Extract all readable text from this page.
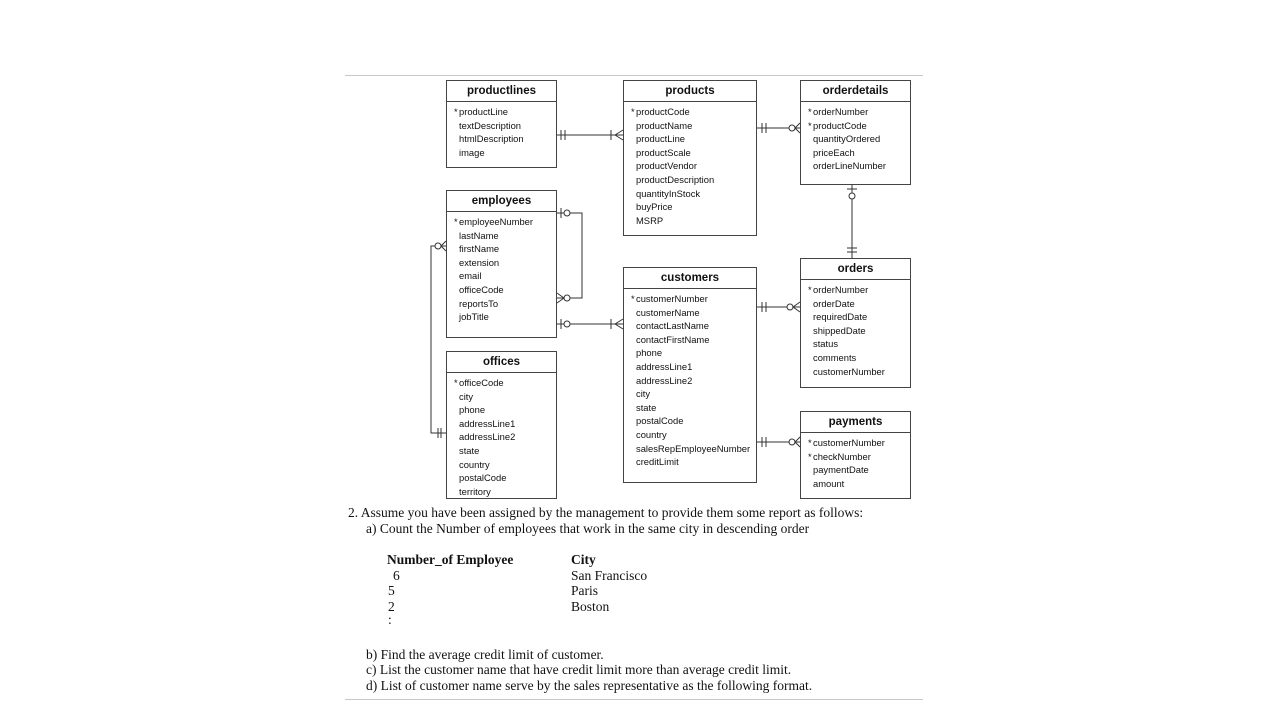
productlines
* productLine
textDescription
htmlDescription
image
products
* productCode
productName
productLine
productScale
productVendor
productDescription
quantityInStock
buyPrice
MSRP
orderdetails
* orderNumber
* productCode
quantityOrdered
priceEach
orderLineNumber
employees
* employeeNumber
lastName
firstName
extension
email
officeCode
reportsTo
jobTitle
customers
* customerNumber
customerName
contactLastName
contactFirstName
phone
addressLine1
addressLine2
city
state
postalCode
country
salesRepEmployeeNumber
creditLimit
orders
* orderNumber
orderDate
requiredDate
shippedDate
status
comments
customerNumber
offices
* officeCode
city
phone
addressLine1
addressLine2
state
country
postalCode
territory
payments
* customerNumber
* checkNumber
paymentDate
amount
2. Assume you have been assigned by the management to provide them some report as follows:
a) Count the Number of employees that work in the same city in descending order
Number_of Employee	City
6	San Francisco
5	Paris
2	Boston
:
b) Find the average credit limit of customer.
c) List the customer name that have credit limit more than average credit limit.
d) List of customer name serve by the sales representative as the following format.
